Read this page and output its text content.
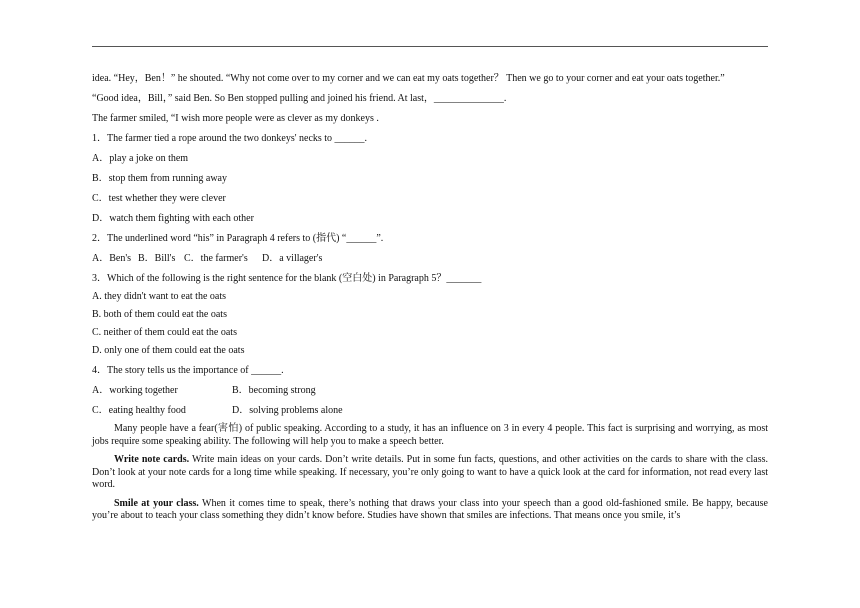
idea. “Hey，Ben！” he shouted. “Why not come over to my corner and we can eat my oats together？ Then we go to your corner and eat your oats together.”
“Good idea，Bill，” said Ben. So Ben stopped pulling and joined his friend. At last，______________.
The farmer smiled, “I wish more people were as clever as my donkeys .
1．The farmer tied a rope around the two donkeys' necks to ______.
A．play a joke on them
B．stop them from running away
C．test whether they were clever
D．watch them fighting with each other
2．The underlined word “his” in Paragraph 4 refers to (指代) “______”.
A．Ben's B．Bill's C．the farmer's	D．a villager's
3．Which of the following is the right sentence for the blank (空白处) in Paragraph 5？_______
A. they didn't want to eat the oats
B. both of them could eat the oats
C. neither of them could eat the oats
D. only one of them could eat the oats
4．The story tells us the importance of ______.
A．working together	B．becoming strong
C．eating healthy food	D．solving problems alone
Many people have a fear(害怕) of public speaking. According to a study, it has an influence on 3 in every 4 people. This fact is surprising and worrying, as most jobs require some speaking ability. The following will help you to make a speech better.
Write note cards. Write main ideas on your cards. Don’t write details. Put in some fun facts, questions, and other activities on the cards to share with the class. Don’t look at your note cards for a long time while speaking. If necessary, you’re only going to want to have a quick look at the card for information, not read every last word.
Smile at your class. When it comes time to speak, there’s nothing that draws your class into your speech than a good old-fashioned smile. Be happy, because you’re about to teach your class something they didn’t know before. Studies have shown that smiles are infections. That means once you smile, it’s
